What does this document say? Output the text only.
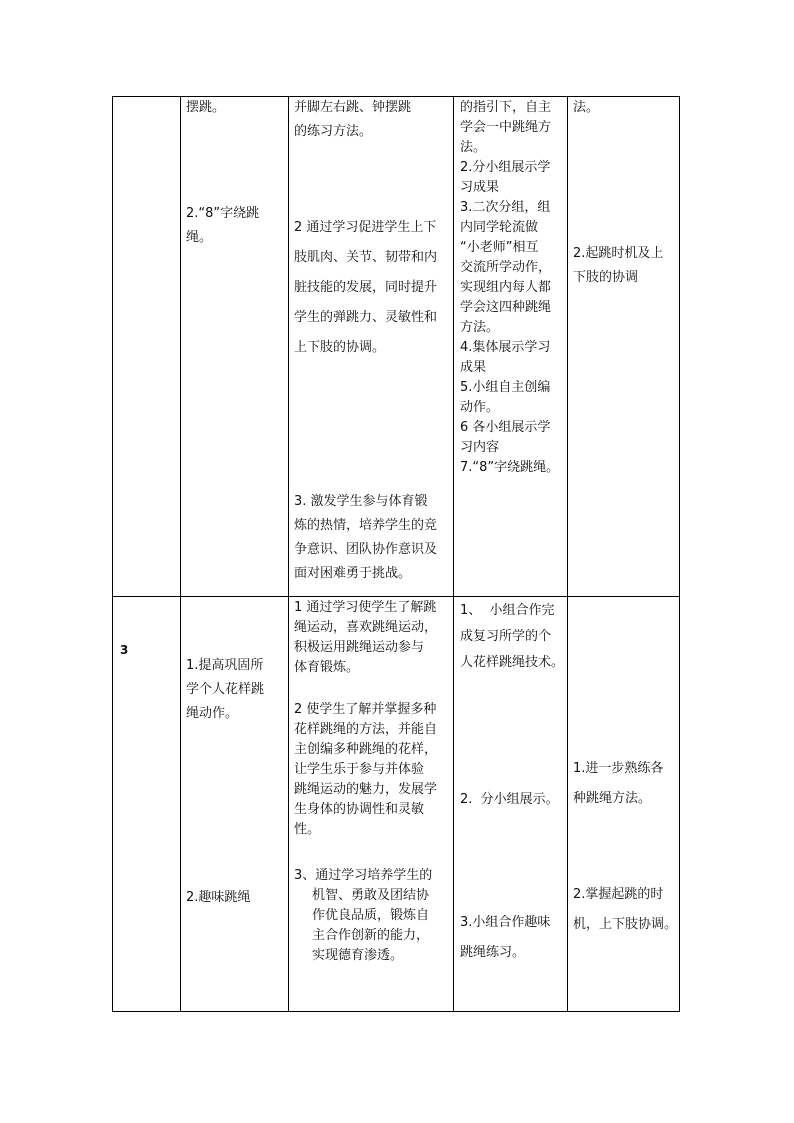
摆跳。

2.“8”字绕跳
绳。

并脚左右跳、钟摆跳
的练习方法。

2 通过学习促进学生上下
肢肌肉、关节、韧带和内
脏技能的发展，同时提升
学生的弹跳力、灵敏性和
上下肢的协调。

3. 激发学生参与体育锻
炼的热情，培养学生的竞
争意识、团队协作意识及
面对困难勇于挑战。

的指引下，自主
学会一中跳绳方
法。
2.分小组展示学
习成果
3.二次分组，组
内同学轮流做
“小老师”相互
交流所学动作，
实现组内每人都
学会这四种跳绳
方法。
4.集体展示学习
成果
5.小组自主创编
动作。
6 各小组展示学
习内容
7.“8”字绕跳绳。

法。

2.起跳时机及上
下肢的协调

3

1.提高巩固所
学个人花样跳
绳动作。

2.趣味跳绳

1 通过学习使学生了解跳
绳运动，喜欢跳绳运动，
积极运用跳绳运动参与
体育锻炼。

2 使学生了解并掌握多种
花样跳绳的方法，并能自
主创编多种跳绳的花样，
让学生乐于参与并体验
跳绳运动的魅力，发展学
生身体的协调性和灵敏
性。

3、通过学习培养学生的
机智、勇敢及团结协
作优良品质，锻炼自
主合作创新的能力，
实现德育渗透。

1、  小组合作完
成复习所学的个
人花样跳绳技术。

2.  分小组展示。

3.小组合作趣味
跳绳练习。

1.进一步熟练各
种跳绳方法。

2.掌握起跳的时
机，上下肢协调。
